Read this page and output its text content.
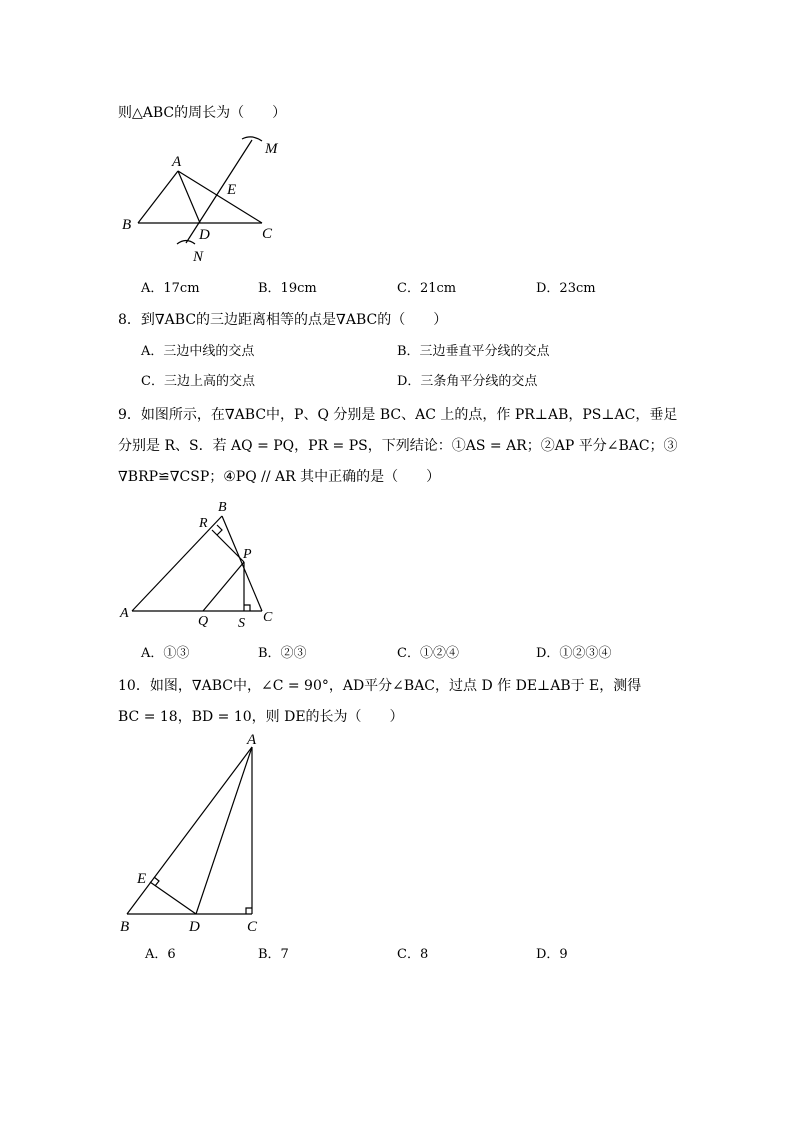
则△ABC的周长为（　　）
A
B
C
D
E
M
N
A．17cm	B．19cm	C．21cm	D．23cm
8．到∇ABC的三边距离相等的点是∇ABC的（　　）
A．三边中线的交点	B．三边垂直平分线的交点
C．三边上高的交点	D．三条角平分线的交点
9．如图所示，在∇ABC中，P、Q 分别是 BC、AC 上的点，作 PR⊥AB，PS⊥AC，垂足
分别是 R、S．若 AQ = PQ，PR = PS，下列结论：①AS = AR；②AP 平分∠BAC；③
∇BRP≌∇CSP；④PQ // AR 其中正确的是（　　）
A
B
C
R
P
Q S
A．①③	B．②③	C．①②④	D．①②③④
10．如图，∇ABC中，∠C = 90°，AD平分∠BAC，过点 D 作 DE⊥AB于 E，测得
BC = 18，BD = 10，则 DE的长为（　　）
A
B	C
D
E
A．6	B．7	C．8	D．9
